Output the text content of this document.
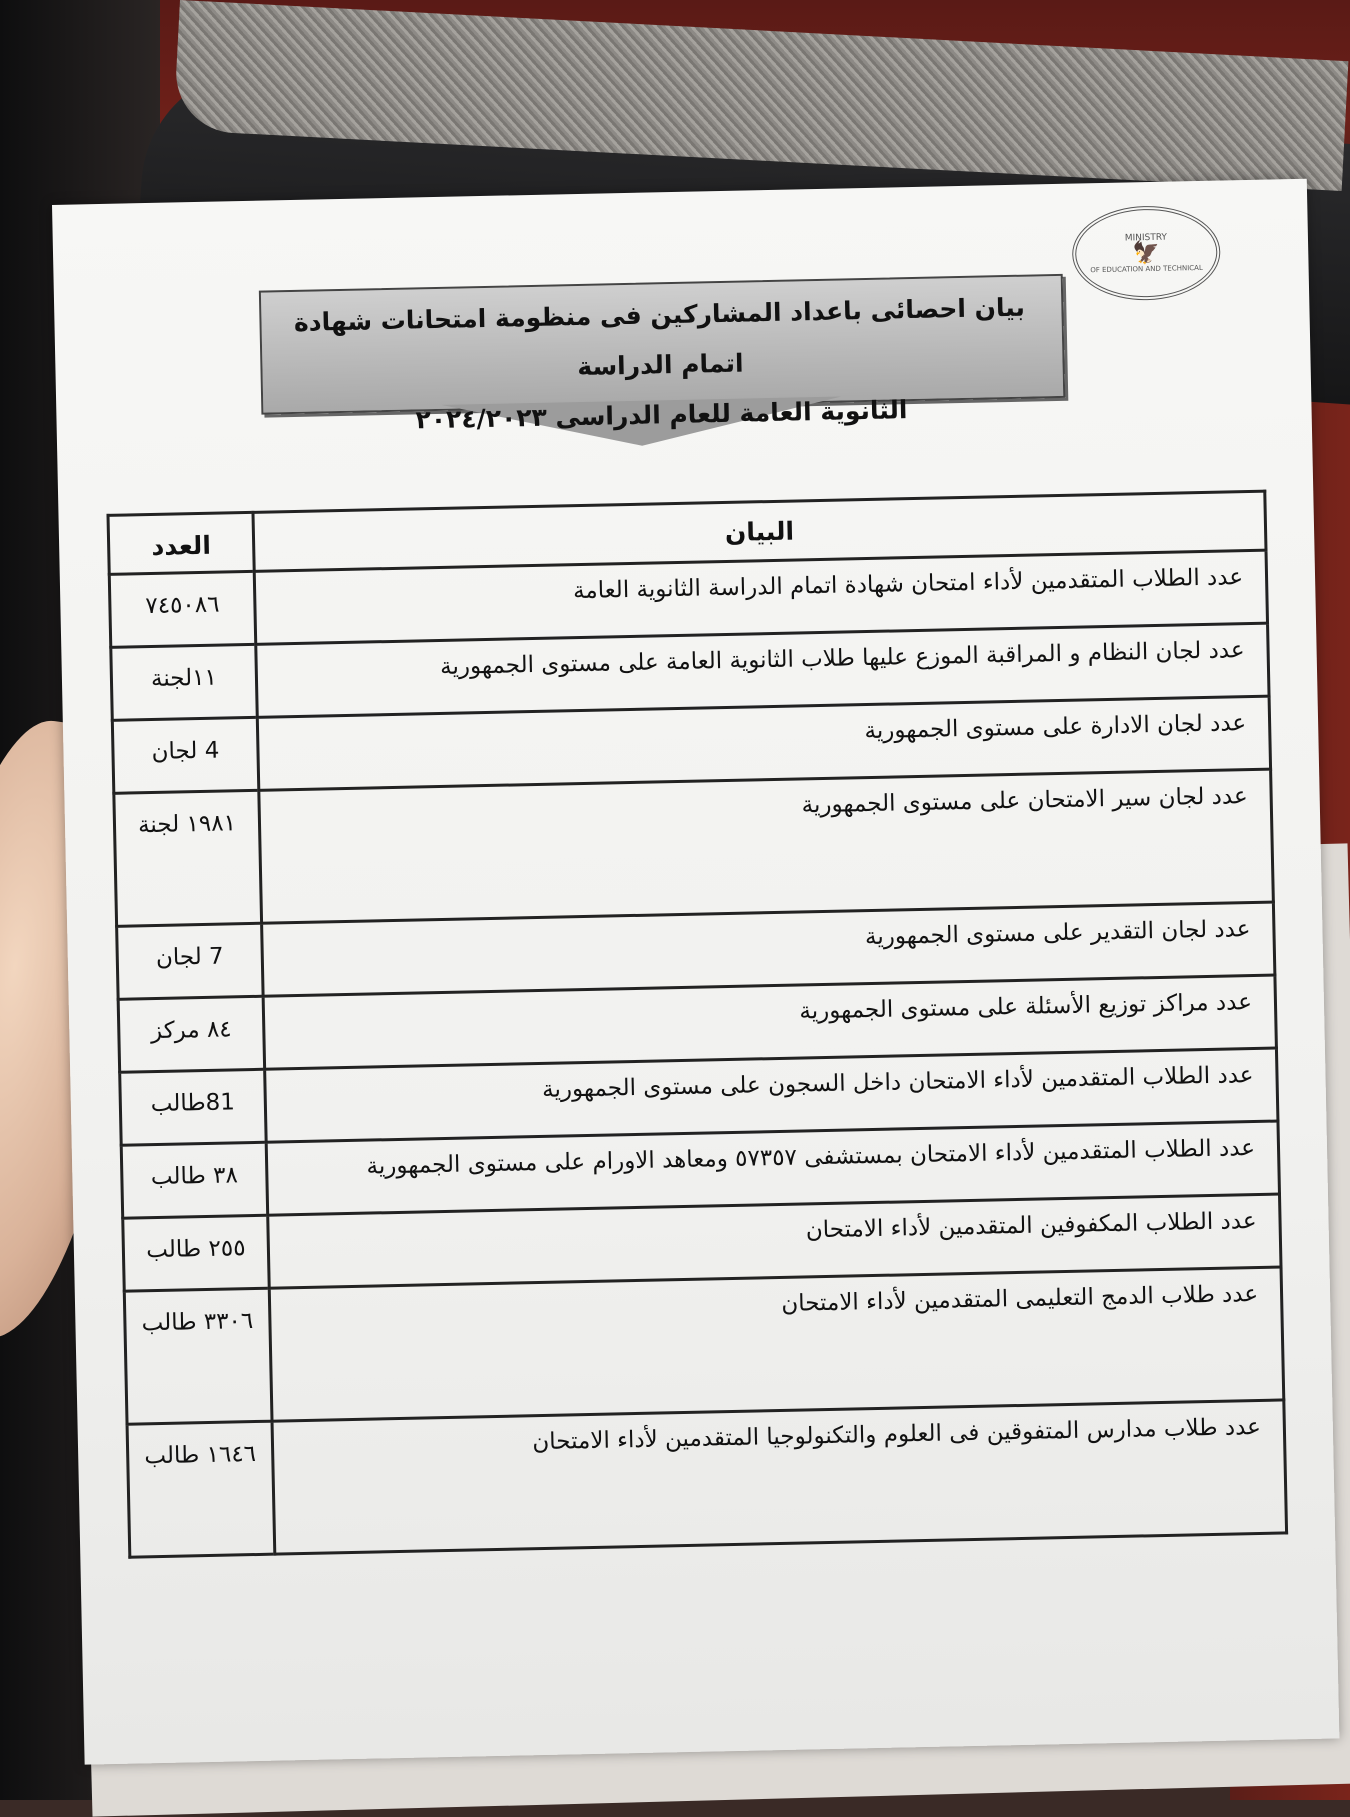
MINISTRY
🦅
OF EDUCATION AND TECHNICAL
بيان احصائى باعداد المشاركين فى منظومة امتحانات شهادة اتمام الدراسة
الثانوية العامة للعام الدراسى ٢٠٢٤/٢٠٢٣
البيان	العدد
عدد الطلاب المتقدمين لأداء امتحان شهادة اتمام الدراسة الثانوية العامة	٧٤٥٠٨٦
عدد لجان النظام و المراقبة الموزع عليها طلاب الثانوية العامة على مستوى الجمهورية	١١لجنة
عدد لجان الادارة على مستوى الجمهورية	4 لجان
عدد لجان سير الامتحان على مستوى الجمهورية	١٩٨١ لجنة
عدد لجان التقدير على مستوى الجمهورية	7 لجان
عدد مراكز توزيع الأسئلة على مستوى الجمهورية	٨٤ مركز
عدد الطلاب المتقدمين لأداء الامتحان داخل السجون على مستوى الجمهورية	81طالب
عدد الطلاب المتقدمين لأداء الامتحان بمستشفى ٥٧٣٥٧ ومعاهد الاورام على مستوى الجمهورية	٣٨ طالب
عدد الطلاب المكفوفين المتقدمين لأداء الامتحان	٢٥٥ طالب
عدد طلاب الدمج التعليمى المتقدمين لأداء الامتحان	٣٣٠٦ طالب
عدد طلاب مدارس المتفوقين فى العلوم والتكنولوجيا المتقدمين لأداء الامتحان	١٦٤٦ طالب
